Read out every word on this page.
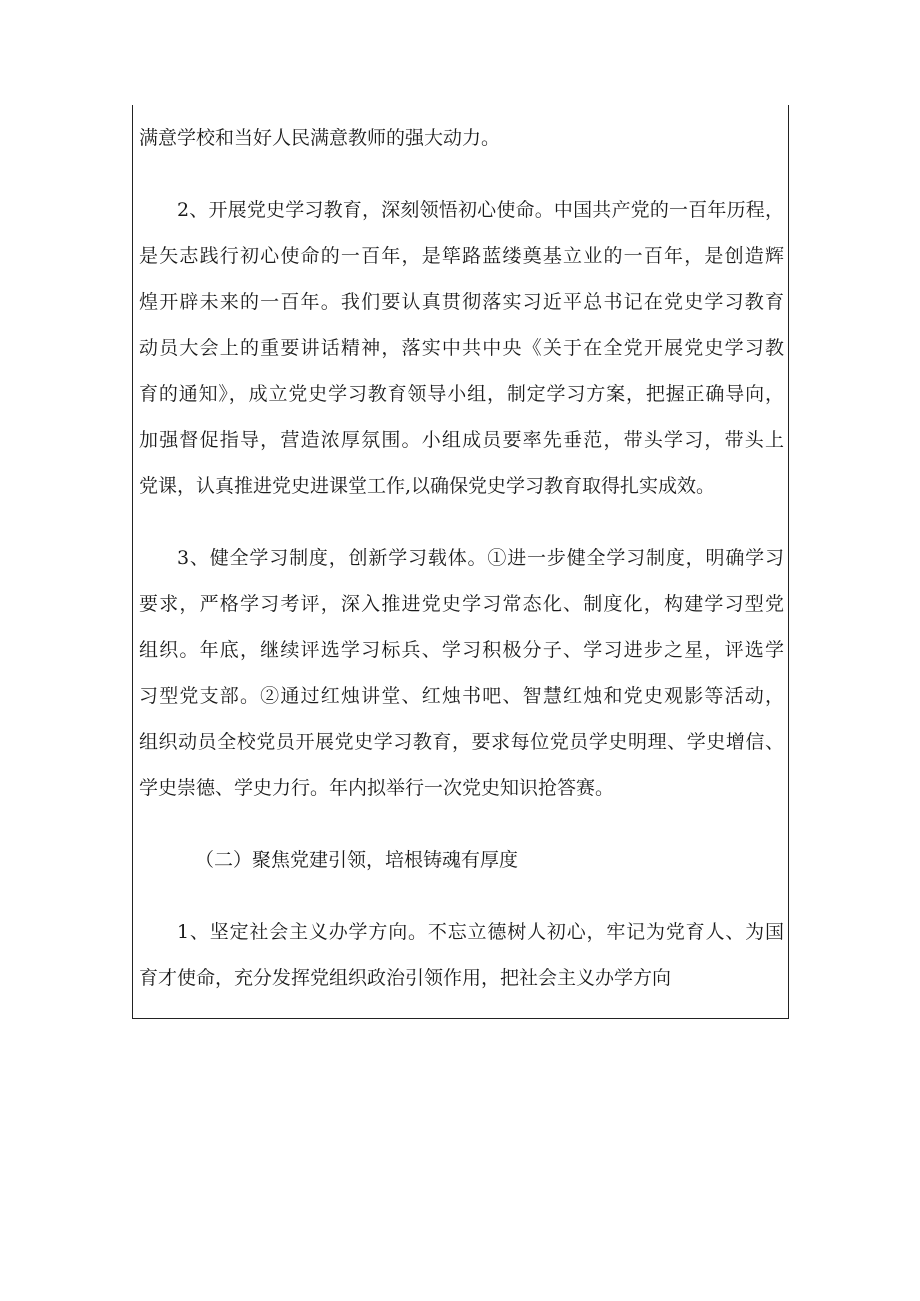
满意学校和当好人民满意教师的强大动力。

2、开展党史学习教育，深刻领悟初心使命。中国共产党的一百年历程，

是矢志践行初心使命的一百年，是筚路蓝缕奠基立业的一百年，是创造辉

煌开辟未来的一百年。我们要认真贯彻落实习近平总书记在党史学习教育

动员大会上的重要讲话精神，落实中共中央《关于在全党开展党史学习教

育的通知》，成立党史学习教育领导小组，制定学习方案，把握正确导向，

加强督促指导，营造浓厚氛围。小组成员要率先垂范，带头学习，带头上

党课，认真推进党史进课堂工作,以确保党史学习教育取得扎实成效。

3、健全学习制度，创新学习载体。①进一步健全学习制度，明确学习

要求，严格学习考评，深入推进党史学习常态化、制度化，构建学习型党

组织。年底，继续评选学习标兵、学习积极分子、学习进步之星，评选学

习型党支部。②通过红烛讲堂、红烛书吧、智慧红烛和党史观影等活动，

组织动员全校党员开展党史学习教育，要求每位党员学史明理、学史增信、

学史崇德、学史力行。年内拟举行一次党史知识抢答赛。

（二）聚焦党建引领，培根铸魂有厚度

1、坚定社会主义办学方向。不忘立德树人初心，牢记为党育人、为国

育才使命，充分发挥党组织政治引领作用，把社会主义办学方向
